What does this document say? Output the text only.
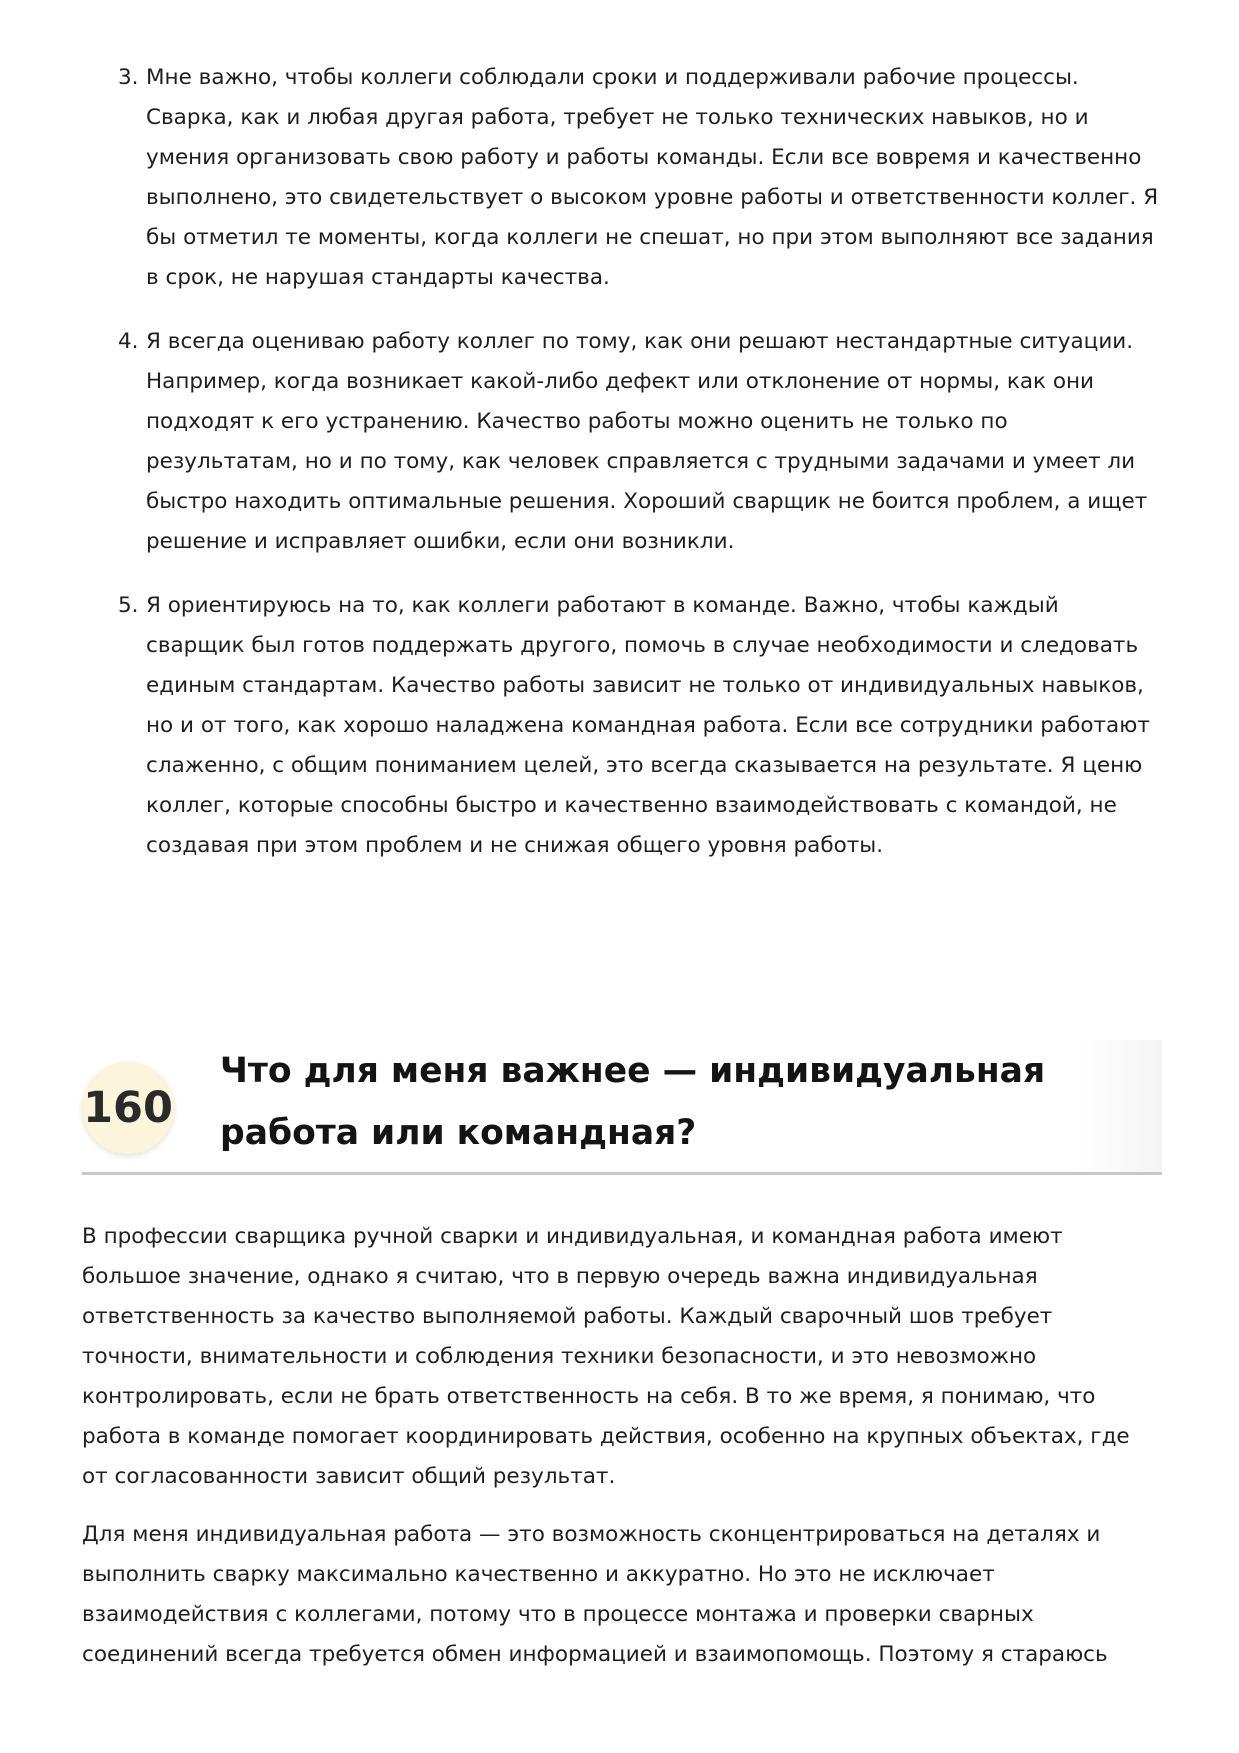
3. Мне важно, чтобы коллеги соблюдали сроки и поддерживали рабочие процессы. Сварка, как и любая другая работа, требует не только технических навыков, но и умения организовать свою работу и работы команды. Если все вовремя и качественно выполнено, это свидетельствует о высоком уровне работы и ответственности коллег. Я бы отметил те моменты, когда коллеги не спешат, но при этом выполняют все задания в срок, не нарушая стандарты качества.
4. Я всегда оцениваю работу коллег по тому, как они решают нестандартные ситуации. Например, когда возникает какой-либо дефект или отклонение от нормы, как они подходят к его устранению. Качество работы можно оценить не только по результатам, но и по тому, как человек справляется с трудными задачами и умеет ли быстро находить оптимальные решения. Хороший сварщик не боится проблем, а ищет решение и исправляет ошибки, если они возникли.
5. Я ориентируюсь на то, как коллеги работают в команде. Важно, чтобы каждый сварщик был готов поддержать другого, помочь в случае необходимости и следовать единым стандартам. Качество работы зависит не только от индивидуальных навыков, но и от того, как хорошо наладжена командная работа. Если все сотрудники работают слаженно, с общим пониманием целей, это всегда сказывается на результате. Я ценю коллег, которые способны быстро и качественно взаимодействовать с командой, не создавая при этом проблем и не снижая общего уровня работы.
160
Что для меня важнее — индивидуальная работа или командная?

В профессии сварщика ручной сварки и индивидуальная, и командная работа имеют большое значение, однако я считаю, что в первую очередь важна индивидуальная ответственность за качество выполняемой работы. Каждый сварочный шов требует точности, внимательности и соблюдения техники безопасности, и это невозможно контролировать, если не брать ответственность на себя. В то же время, я понимаю, что работа в команде помогает координировать действия, особенно на крупных объектах, где от согласованности зависит общий результат.

Для меня индивидуальная работа — это возможность сконцентрироваться на деталях и выполнить сварку максимально качественно и аккуратно. Но это не исключает взаимодействия с коллегами, потому что в процессе монтажа и проверки сварных соединений всегда требуется обмен информацией и взаимопомощь. Поэтому я стараюсь
